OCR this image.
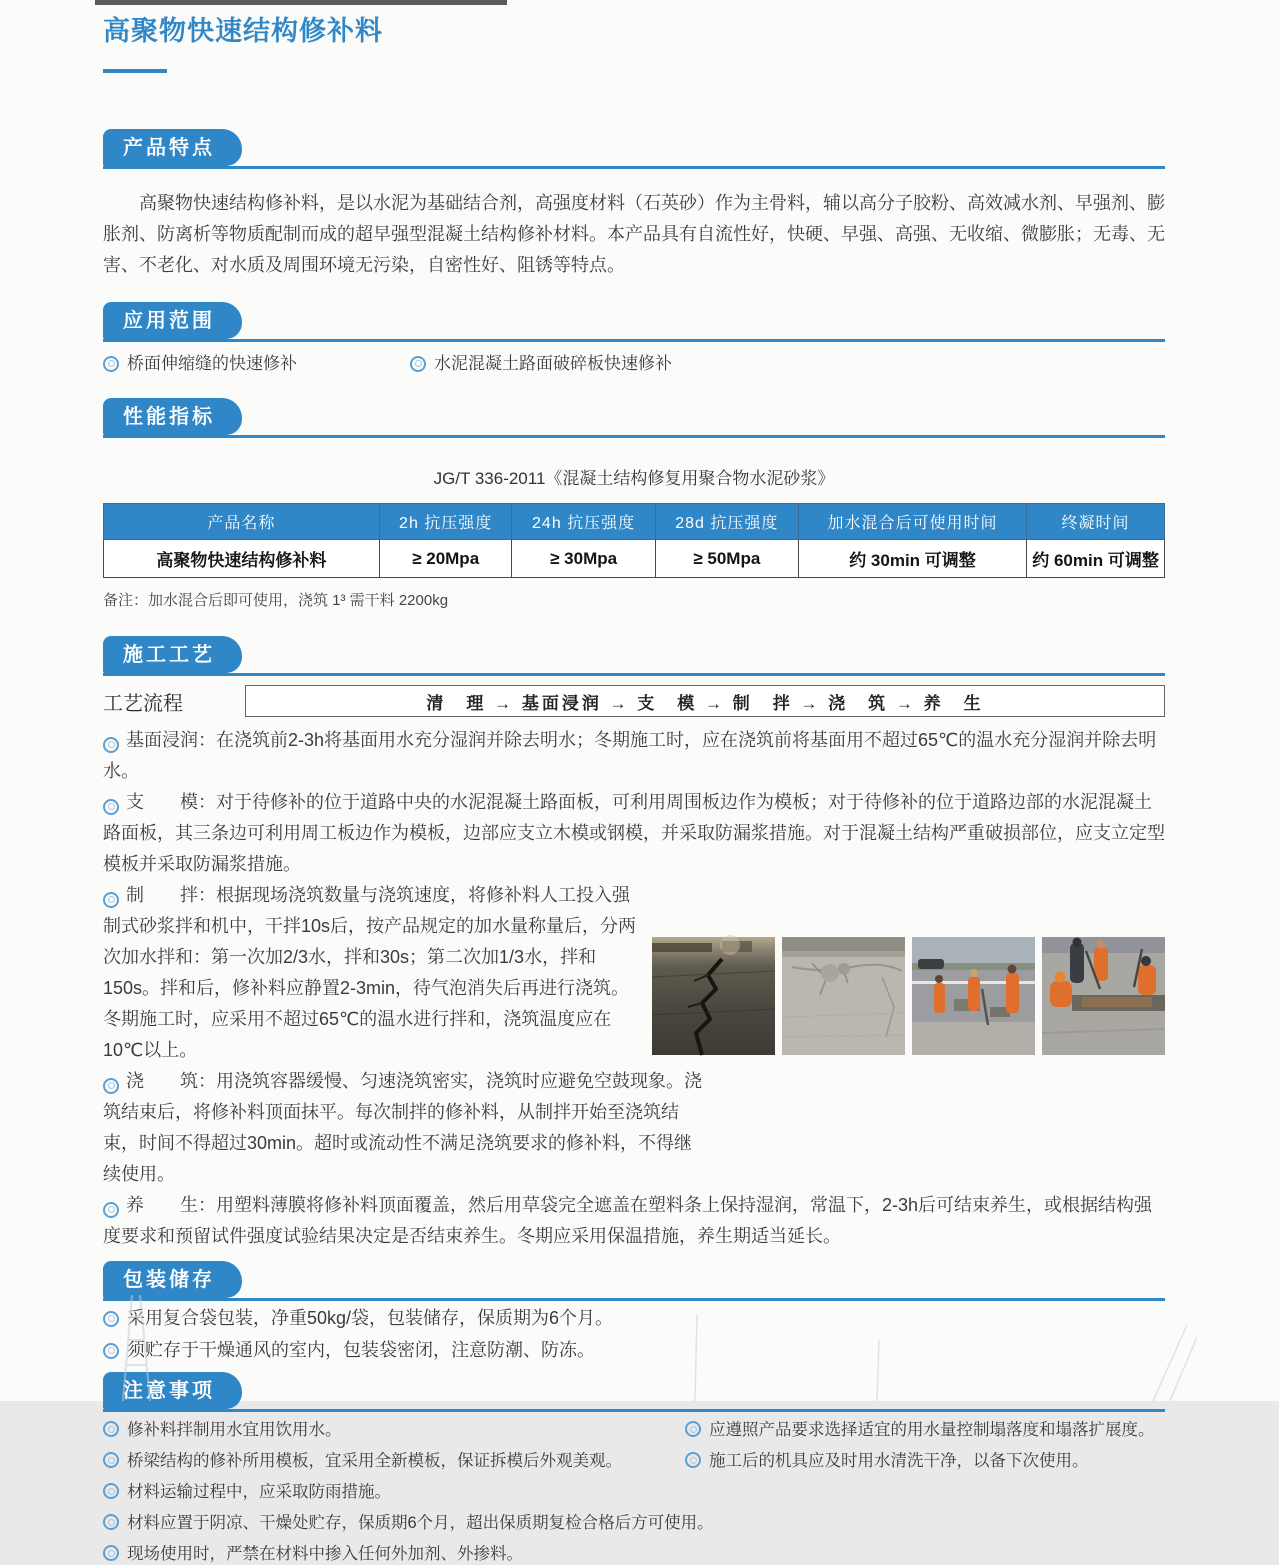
高聚物快速结构修补料
产品特点

高聚物快速结构修补料，是以水泥为基础结合剂，高强度材料（石英砂）作为主骨料，辅以高分子胶粉、高效减水剂、早强剂、膨胀剂、防离析等物质配制而成的超早强型混凝土结构修补材料。本产品具有自流性好，快硬、早强、高强、无收缩、微膨胀；无毒、无害、不老化、对水质及周围环境无污染，自密性好、阻锈等特点。

应用范围
桥面伸缩缝的快速修补	水泥混凝土路面破碎板快速修补
性能指标
JG/T 336-2011《混凝土结构修复用聚合物水泥砂浆》
产品名称	2h 抗压强度	24h 抗压强度	28d 抗压强度	加水混合后可使用时间	终凝时间
高聚物快速结构修补料	≥ 20Mpa	≥ 30Mpa	≥ 50Mpa	约 30min 可调整	约 60min 可调整
备注：加水混合后即可使用，浇筑 1³ 需干料 2200kg
施工工艺
工艺流程	清　理 → 基面浸润 → 支　模 → 制　拌 → 浇　筑 → 养　生

基面浸润：在浇筑前2-3h将基面用水充分湿润并除去明水；冬期施工时，应在浇筑前将基面用不超过65℃的温水充分湿润并除去明水。

支　　模：对于待修补的位于道路中央的水泥混凝土路面板，可利用周围板边作为模板；对于待修补的位于道路边部的水泥混凝土路面板，其三条边可利用周工板边作为模板，边部应支立木模或钢模，并采取防漏浆措施。对于混凝土结构严重破损部位，应支立定型模板并采取防漏浆措施。

制　　拌：根据现场浇筑数量与浇筑速度，将修补料人工投入强制式砂浆拌和机中，干拌10s后，按产品规定的加水量称量后，分两次加水拌和：第一次加2/3水，拌和30s；第二次加1/3水，拌和150s。拌和后，修补料应静置2-3min，待气泡消失后再进行浇筑。冬期施工时，应采用不超过65℃的温水进行拌和，浇筑温度应在10℃以上。

浇　　筑：用浇筑容器缓慢、匀速浇筑密实，浇筑时应避免空鼓现象。浇筑结束后，将修补料顶面抹平。每次制拌的修补料，从制拌开始至浇筑结束，时间不得超过30min。超时或流动性不满足浇筑要求的修补料，不得继续使用。

养　　生：用塑料薄膜将修补料顶面覆盖，然后用草袋完全遮盖在塑料条上保持湿润，常温下，2-3h后可结束养生，或根据结构强度要求和预留试件强度试验结果决定是否结束养生。冬期应采用保温措施，养生期适当延长。

包装储存
采用复合袋包装，净重50kg/袋，包装储存，保质期为6个月。
须贮存于干燥通风的室内，包装袋密闭，注意防潮、防冻。
注意事项
修补料拌制用水宜用饮用水。	应遵照产品要求选择适宜的用水量控制塌落度和塌落扩展度。
桥梁结构的修补所用模板，宜采用全新模板，保证拆模后外观美观。	施工后的机具应及时用水清洗干净，以备下次使用。
材料运输过程中，应采取防雨措施。
材料应置于阴凉、干燥处贮存，保质期6个月，超出保质期复检合格后方可使用。
现场使用时，严禁在材料中掺入任何外加剂、外掺料。
